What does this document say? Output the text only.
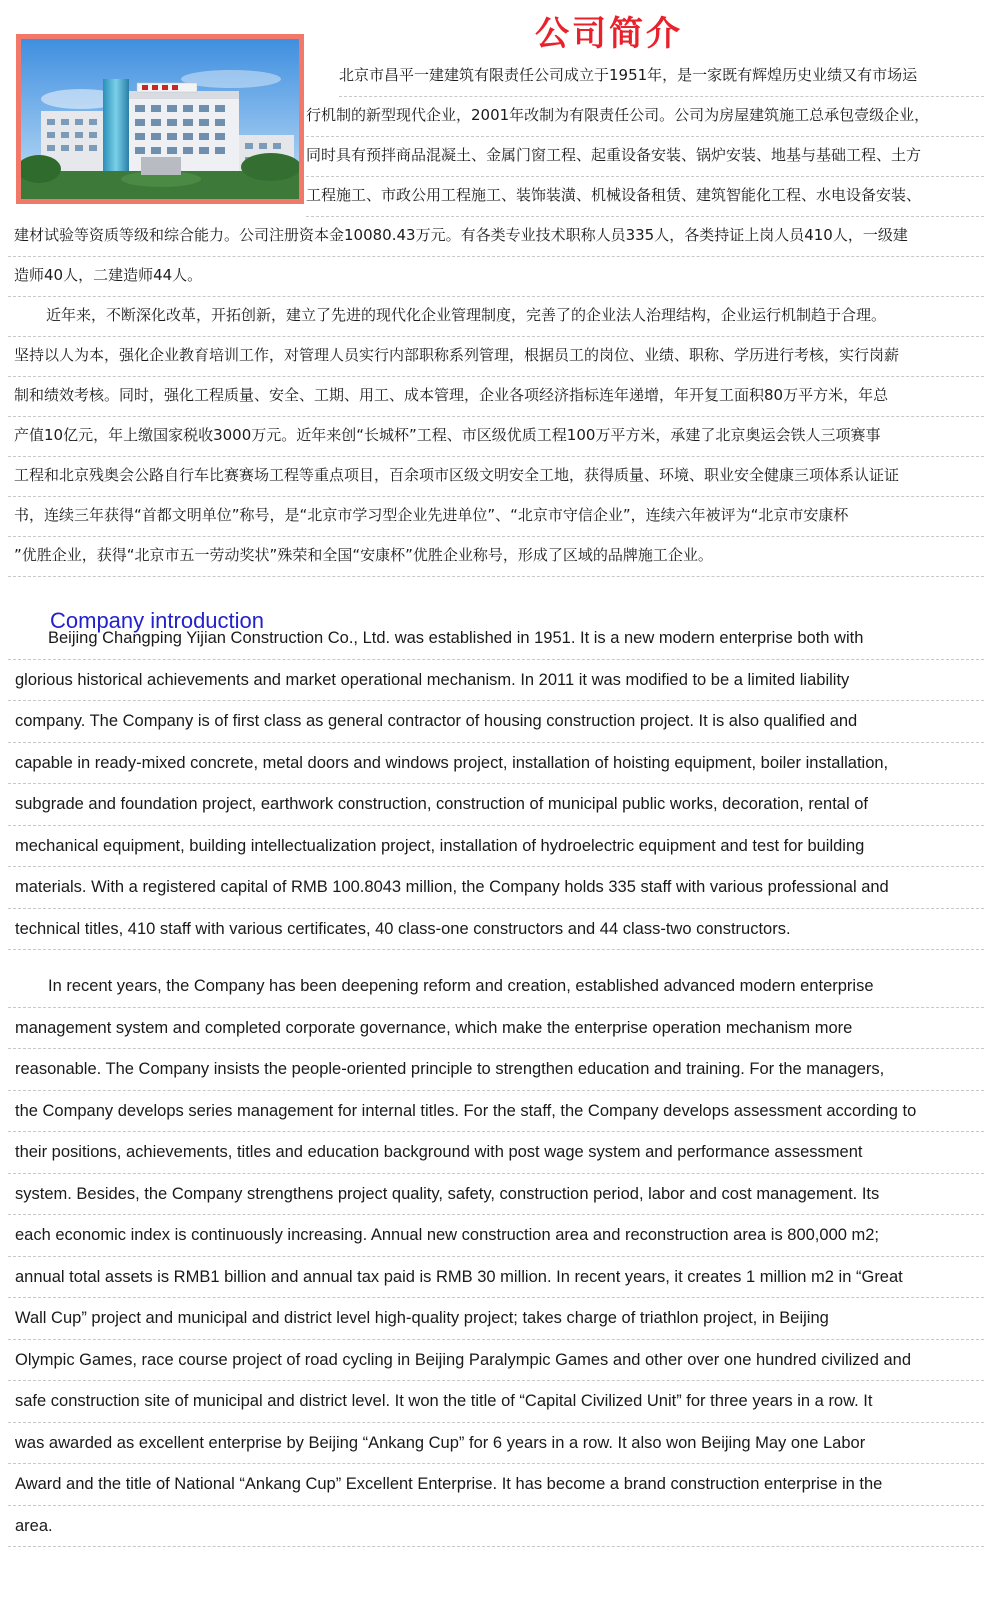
公司简介
北京市昌平一建建筑有限责任公司成立于1951年，是一家既有辉煌历史业绩又有市场运
行机制的新型现代企业，2001年改制为有限责任公司。公司为房屋建筑施工总承包壹级企业，
同时具有预拌商品混凝土、金属门窗工程、起重设备安装、锅炉安装、地基与基础工程、土方
工程施工、市政公用工程施工、装饰装潢、机械设备租赁、建筑智能化工程、水电设备安装、
建材试验等资质等级和综合能力。公司注册资本金10080.43万元。有各类专业技术职称人员335人，各类持证上岗人员410人，一级建
造师40人，二建造师44人。
近年来，不断深化改革，开拓创新，建立了先进的现代化企业管理制度，完善了的企业法人治理结构，企业运行机制趋于合理。
坚持以人为本，强化企业教育培训工作，对管理人员实行内部职称系列管理，根据员工的岗位、业绩、职称、学历进行考核，实行岗薪
制和绩效考核。同时，强化工程质量、安全、工期、用工、成本管理，企业各项经济指标连年递增，年开复工面积80万平方米，年总
产值10亿元，年上缴国家税收3000万元。近年来创“长城杯”工程、市区级优质工程100万平方米，承建了北京奥运会铁人三项赛事
工程和北京残奥会公路自行车比赛赛场工程等重点项目，百余项市区级文明安全工地，获得质量、环境、职业安全健康三项体系认证证
书，连续三年获得“首都文明单位”称号，是“北京市学习型企业先进单位”、“北京市守信企业”，连续六年被评为“北京市安康杯
”优胜企业，获得“北京市五一劳动奖状”殊荣和全国“安康杯”优胜企业称号，形成了区域的品牌施工企业。
Company introduction
Beijing Changping Yijian Construction Co., Ltd. was established in 1951. It is a new modern enterprise both with
glorious historical achievements and market operational mechanism. In 2011 it was modified to be a limited liability
company. The Company is of first class as general contractor of housing construction project. It is also qualified and
capable in ready-mixed concrete, metal doors and windows project, installation of hoisting equipment, boiler installation,
subgrade and foundation project, earthwork construction, construction of municipal public works, decoration, rental of
mechanical equipment, building intellectualization project, installation of hydroelectric equipment and test for building
materials. With a registered capital of RMB 100.8043 million, the Company holds 335 staff with various professional and
technical titles, 410 staff with various certificates, 40 class-one constructors and 44 class-two constructors.
In recent years, the Company has been deepening reform and creation, established advanced modern enterprise
management system and completed corporate governance, which make the enterprise operation mechanism more
reasonable. The Company insists the people-oriented principle to strengthen education and training. For the managers,
the Company develops series management for internal titles. For the staff, the Company develops assessment according to
their positions, achievements, titles and education background with post wage system and performance assessment
system. Besides, the Company strengthens project quality, safety, construction period, labor and cost management. Its
each economic index is continuously increasing. Annual new construction area and reconstruction area is 800,000 m2;
annual total assets is RMB1 billion and annual tax paid is RMB 30 million. In recent years, it creates 1 million m2 in “Great
Wall Cup” project and municipal and district level high-quality project; takes charge of triathlon project, in Beijing
Olympic Games, race course project of road cycling in Beijing Paralympic Games and other over one hundred civilized and
safe construction site of municipal and district level. It won the title of “Capital Civilized Unit” for three years in a row. It
was awarded as excellent enterprise by Beijing “Ankang Cup” for 6 years in a row. It also won Beijing May one Labor
Award and the title of National “Ankang Cup” Excellent Enterprise. It has become a brand construction enterprise in the
area.
